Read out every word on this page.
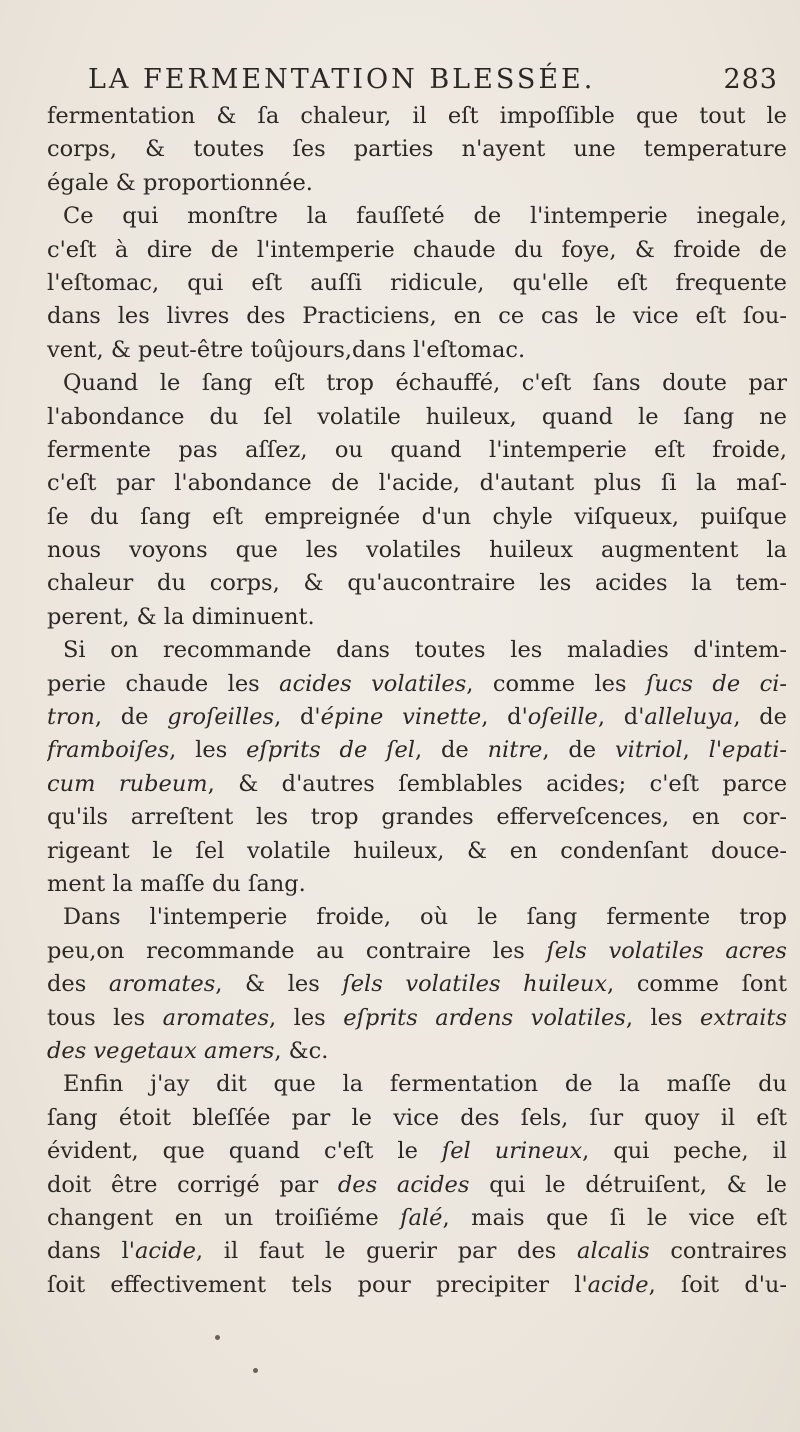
LA FERMENTATION BLESSÉE.	283
fermentation & ſa chaleur, il eſt impoſſible que tout le
corps, & toutes ſes parties n'ayent une temperature
égale & proportionnée.
Ce qui monſtre la fauſſeté de l'intemperie inegale,
c'eſt à dire de l'intemperie chaude du foye, & froide de
l'eſtomac, qui eſt auſſi ridicule, qu'elle eſt frequente
dans les livres des Practiciens, en ce cas le vice eſt ſou-
vent, & peut-être toûjours,dans l'eſtomac.
Quand le ſang eſt trop échauffé, c'eſt ſans doute par
l'abondance du ſel volatile huileux, quand le ſang ne
fermente pas aſſez, ou quand l'intemperie eſt froide,
c'eſt par l'abondance de l'acide, d'autant plus ſi la maſ-
ſe du ſang eſt empreignée d'un chyle viſqueux, puiſque
nous voyons que les volatiles huileux augmentent la
chaleur du corps, & qu'aucontraire les acides la tem-
perent, & la diminuent.
Si on recommande dans toutes les maladies d'intem-
perie chaude les acides volatiles, comme les ſucs de ci-
tron, de groſeilles, d'épine vinette, d'oſeille, d'alleluya, de
framboiſes, les eſprits de ſel, de nitre, de vitriol, l'epati-
cum rubeum, & d'autres ſemblables acides; c'eſt parce
qu'ils arreſtent les trop grandes efferveſcences, en cor-
rigeant le ſel volatile huileux, & en condenſant douce-
ment la maſſe du ſang.
Dans l'intemperie froide, où le ſang fermente trop
peu,on recommande au contraire les ſels volatiles acres
des aromates, & les ſels volatiles huileux, comme ſont
tous les aromates, les eſprits ardens volatiles, les extraits
des vegetaux amers, &c.
Enfin j'ay dit que la fermentation de la maſſe du
ſang étoit bleſſée par le vice des ſels, ſur quoy il eſt
évident, que quand c'eſt le ſel urineux, qui peche, il
doit être corrigé par des acides qui le détruiſent, & le
changent en un troiſiéme ſalé, mais que ſi le vice eſt
dans l'acide, il faut le guerir par des alcalis contraires
ſoit effectivement tels pour precipiter l'acide, ſoit d'u-
